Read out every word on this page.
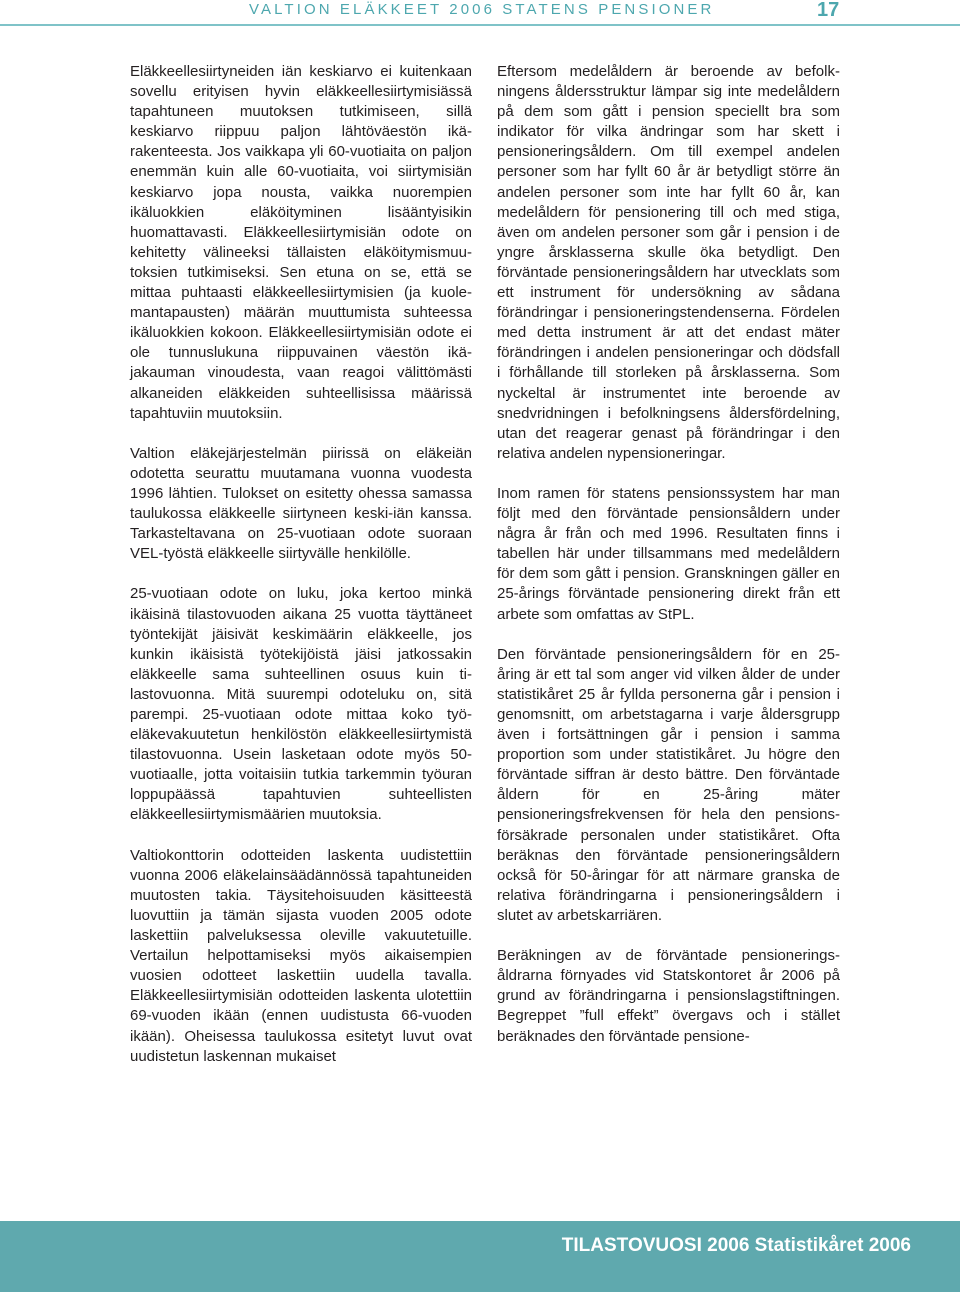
VALTION ELÄKKEET 2006 STATENS PENSIONER	17

Eläkkeellesiirtyneiden iän keskiarvo ei kuitenkaan sovellu erityisen hyvin eläkkeellesiirtymisiässä tapahtuneen muutoksen tutkimiseen, sillä keskiarvo riippuu paljon lähtöväestön ikärakenteesta. Jos vaikkapa yli 60-vuotiaita on paljon enemmän kuin alle 60-vuotiaita, voi siirtymisiän keskiarvo jopa nousta, vaikka nuorempien ikäluokkien eläköityminen lisääntyisikin huomattavasti. Eläkkeellesiirtymisiän odote on kehitetty välineeksi tällaisten eläköitymismuutoksien tutkimiseksi. Sen etuna on se, että se mittaa puhtaasti eläkkeellesiirtymisien (ja kuolemantapausten) määrän muuttumista suhteessa ikäluokkien kokoon. Eläkkeellesiirtymisiän odote ei ole tunnuslukuna riippuvainen väestön ikäjakauman vinoudesta, vaan reagoi välittömästi alkaneiden eläkkeiden suhteellisissa määrissä tapahtuviin muutoksiin.

Valtion eläkejärjestelmän piirissä on eläkeiän odotetta seurattu muutamana vuonna vuodesta 1996 lähtien. Tulokset on esitetty ohessa samassa taulukossa eläkkeelle siirtyneen keski-iän kanssa. Tarkasteltavana on 25-vuotiaan odote suoraan VEL-työstä eläkkeelle siirtyvälle henkilölle.

25-vuotiaan odote on luku, joka kertoo minkä ikäisinä tilastovuoden aikana 25 vuotta täyttäneet työntekijät jäisivät keskimäärin eläkkeelle, jos kunkin ikäisistä työtekijöistä jäisi jatkossakin eläkkeelle sama suhteellinen osuus kuin tilastovuonna. Mitä suurempi odoteluku on, sitä parempi. 25-vuotiaan odote mittaa koko työeläkevakuutetun henkilöstön eläkkeellesiirtymistä tilastovuonna. Usein lasketaan odote myös 50-vuotiaalle, jotta voitaisiin tutkia tarkemmin työuran loppupäässä tapahtuvien suhteellisten eläkkeellesiirtymismäärien muutoksia.

Valtiokonttorin odotteiden laskenta uudistettiin vuonna 2006 eläkelainsäädännössä tapahtuneiden muutosten takia. Täysitehoisuuden käsitteestä luovuttiin ja tämän sijasta vuoden 2005 odote laskettiin palveluksessa oleville vakuutetuille. Vertailun helpottamiseksi myös aikaisempien vuosien odotteet laskettiin uudella tavalla. Eläkkeellesiirtymisiän odotteiden laskenta ulotettiin 69-vuoden ikään (ennen uudistusta 66-vuoden ikään). Oheisessa taulukossa esitetyt luvut ovat uudistetun laskennan mukaiset

Eftersom medelåldern är beroende av befolkningens åldersstruktur lämpar sig inte medelåldern på dem som gått i pension speciellt bra som indikator för vilka ändringar som har skett i pensioneringsåldern. Om till exempel andelen personer som har fyllt 60 år är betydligt större än andelen personer som inte har fyllt 60 år, kan medelåldern för pensionering till och med stiga, även om andelen personer som går i pension i de yngre årsklasserna skulle öka betydligt. Den förväntade pensioneringsåldern har utvecklats som ett instrument för undersökning av sådana förändringar i pensioneringstendenserna. Fördelen med detta instrument är att det endast mäter förändringen i andelen pensioneringar och dödsfall i förhållande till storleken på årsklasserna. Som nyckeltal är instrumentet inte beroende av snedvridningen i befolkningsens åldersfördelning, utan det reagerar genast på förändringar i den relativa andelen nypensioneringar.

Inom ramen för statens pensionssystem har man följt med den förväntade pensionsåldern under några år från och med 1996. Resultaten finns i tabellen här under tillsammans med medelåldern för dem som gått i pension. Granskningen gäller en 25-årings förväntade pensionering direkt från ett arbete som omfattas av StPL.

Den förväntade pensioneringsåldern för en 25-åring är ett tal som anger vid vilken ålder de under statistikåret 25 år fyllda personerna går i pension i genomsnitt, om arbetstagarna i varje åldersgrupp även i fortsättningen går i pension i samma proportion som under statistikåret. Ju högre den förväntade siffran är desto bättre. Den förväntade åldern för en 25-åring mäter pensioneringsfrekvensen för hela den pensionsförsäkrade personalen under statistikåret. Ofta beräknas den förväntade pensioneringsåldern också för 50-åringar för att närmare granska de relativa förändringarna i pensioneringsåldern i slutet av arbetskarriären.

Beräkningen av de förväntade pensioneringsåldrarna förnyades vid Statskontoret år 2006 på grund av förändringarna i pensionslagstiftningen. Begreppet ”full effekt” övergavs och i stället beräknades den förväntade pensione-

TILASTOVUOSI 2006 Statistikåret 2006
